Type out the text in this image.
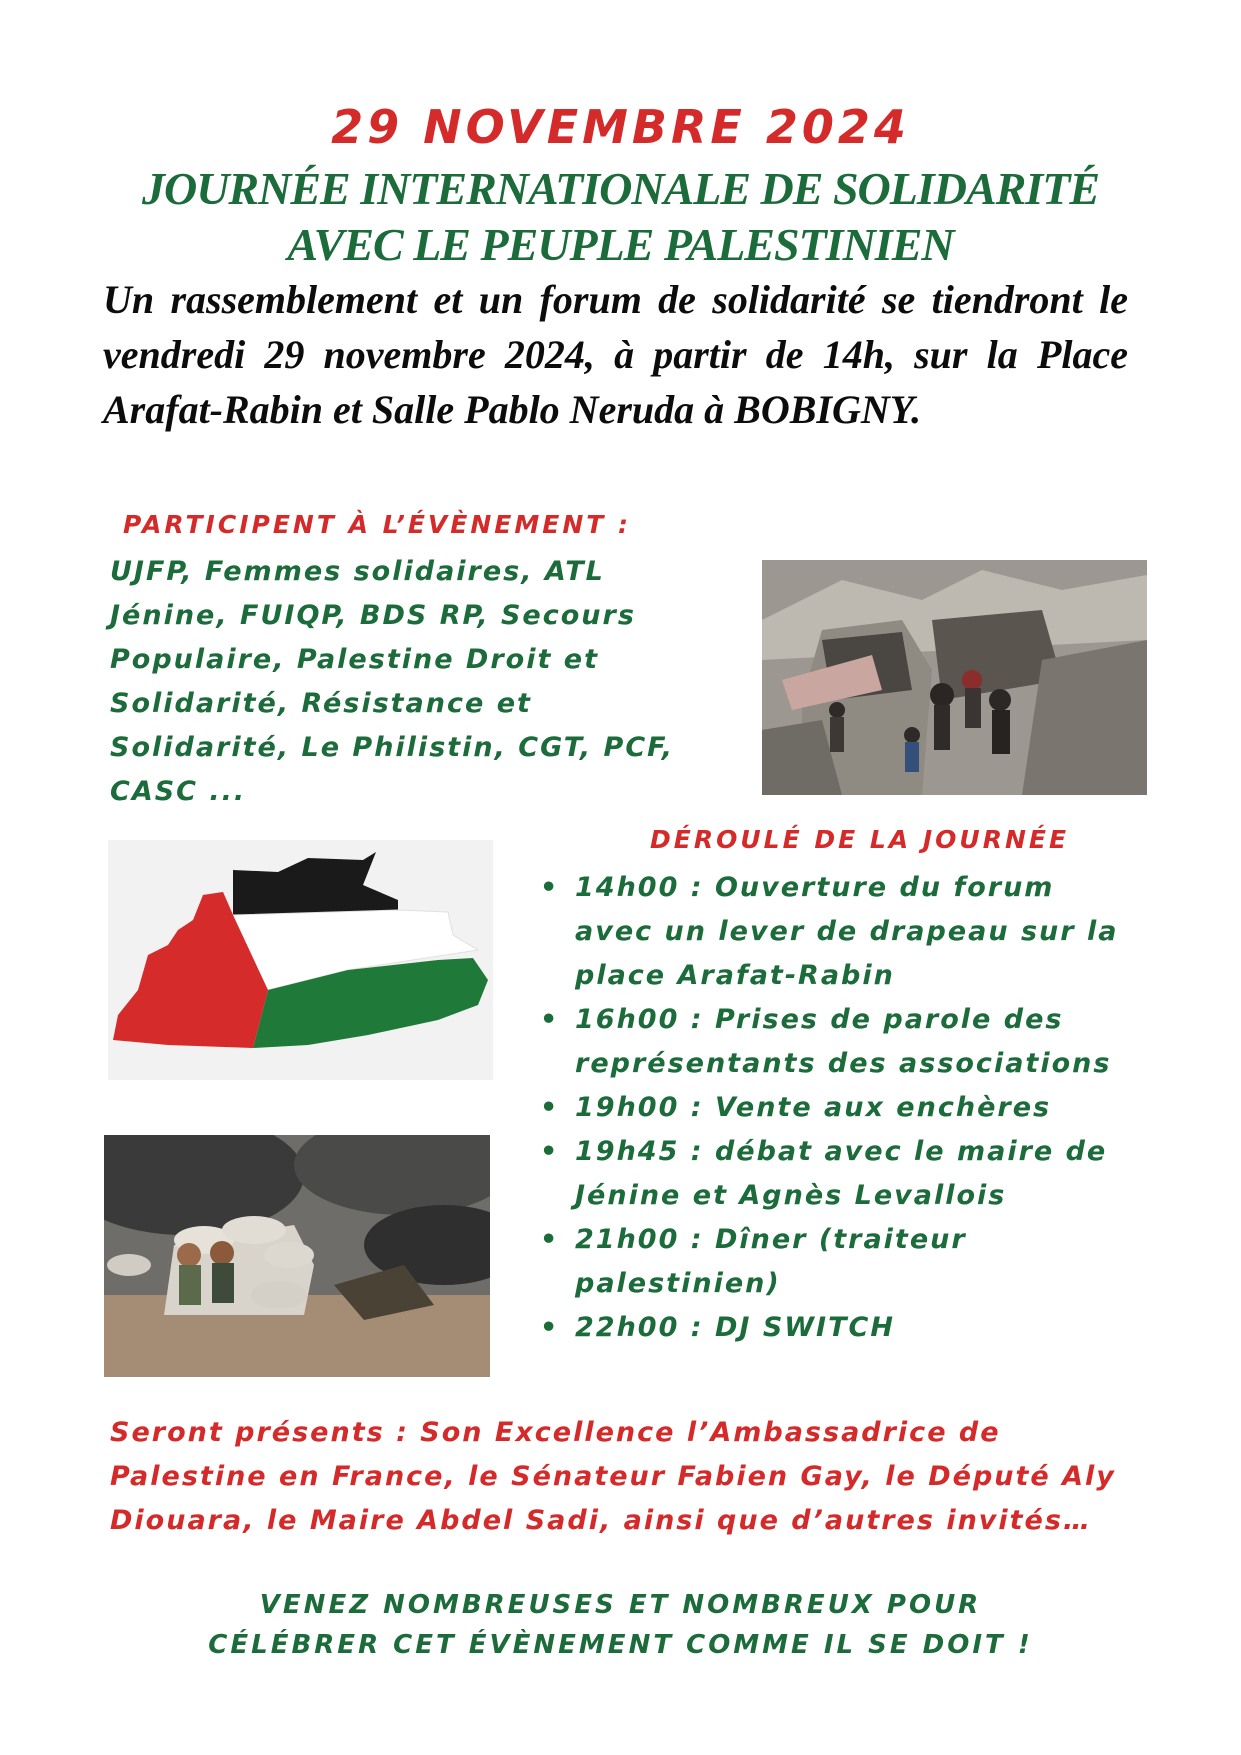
29 NOVEMBRE 2024
JOURNÉE INTERNATIONALE DE SOLIDARITÉ
AVEC LE PEUPLE PALESTINIEN
Un rassemblement et un forum de solidarité se tiendront le vendredi 29 novembre 2024, à partir de 14h, sur la Place Arafat-Rabin et Salle Pablo Neruda à BOBIGNY.
PARTICIPENT À L’ÉVÈNEMENT :
UJFP, Femmes solidaires, ATL Jénine, FUIQP, BDS RP, Secours Populaire, Palestine Droit et Solidarité, Résistance et Solidarité, Le Philistin, CGT, PCF, CASC ...
DÉROULÉ DE LA JOURNÉE
• 14h00 : Ouverture du forum avec un lever de drapeau sur la place Arafat-Rabin
• 16h00 : Prises de parole des représentants des associations
• 19h00 : Vente aux enchères
• 19h45 : débat avec le maire de Jénine et Agnès Levallois
• 21h00 : Dîner (traiteur palestinien)
• 22h00 : DJ SWITCH
Seront présents : Son Excellence l’Ambassadrice de Palestine en France, le Sénateur Fabien Gay, le Député Aly Diouara, le Maire Abdel Sadi, ainsi que d’autres invités…
VENEZ NOMBREUSES ET NOMBREUX POUR
CÉLÉBRER CET ÉVÈNEMENT COMME IL SE DOIT !
